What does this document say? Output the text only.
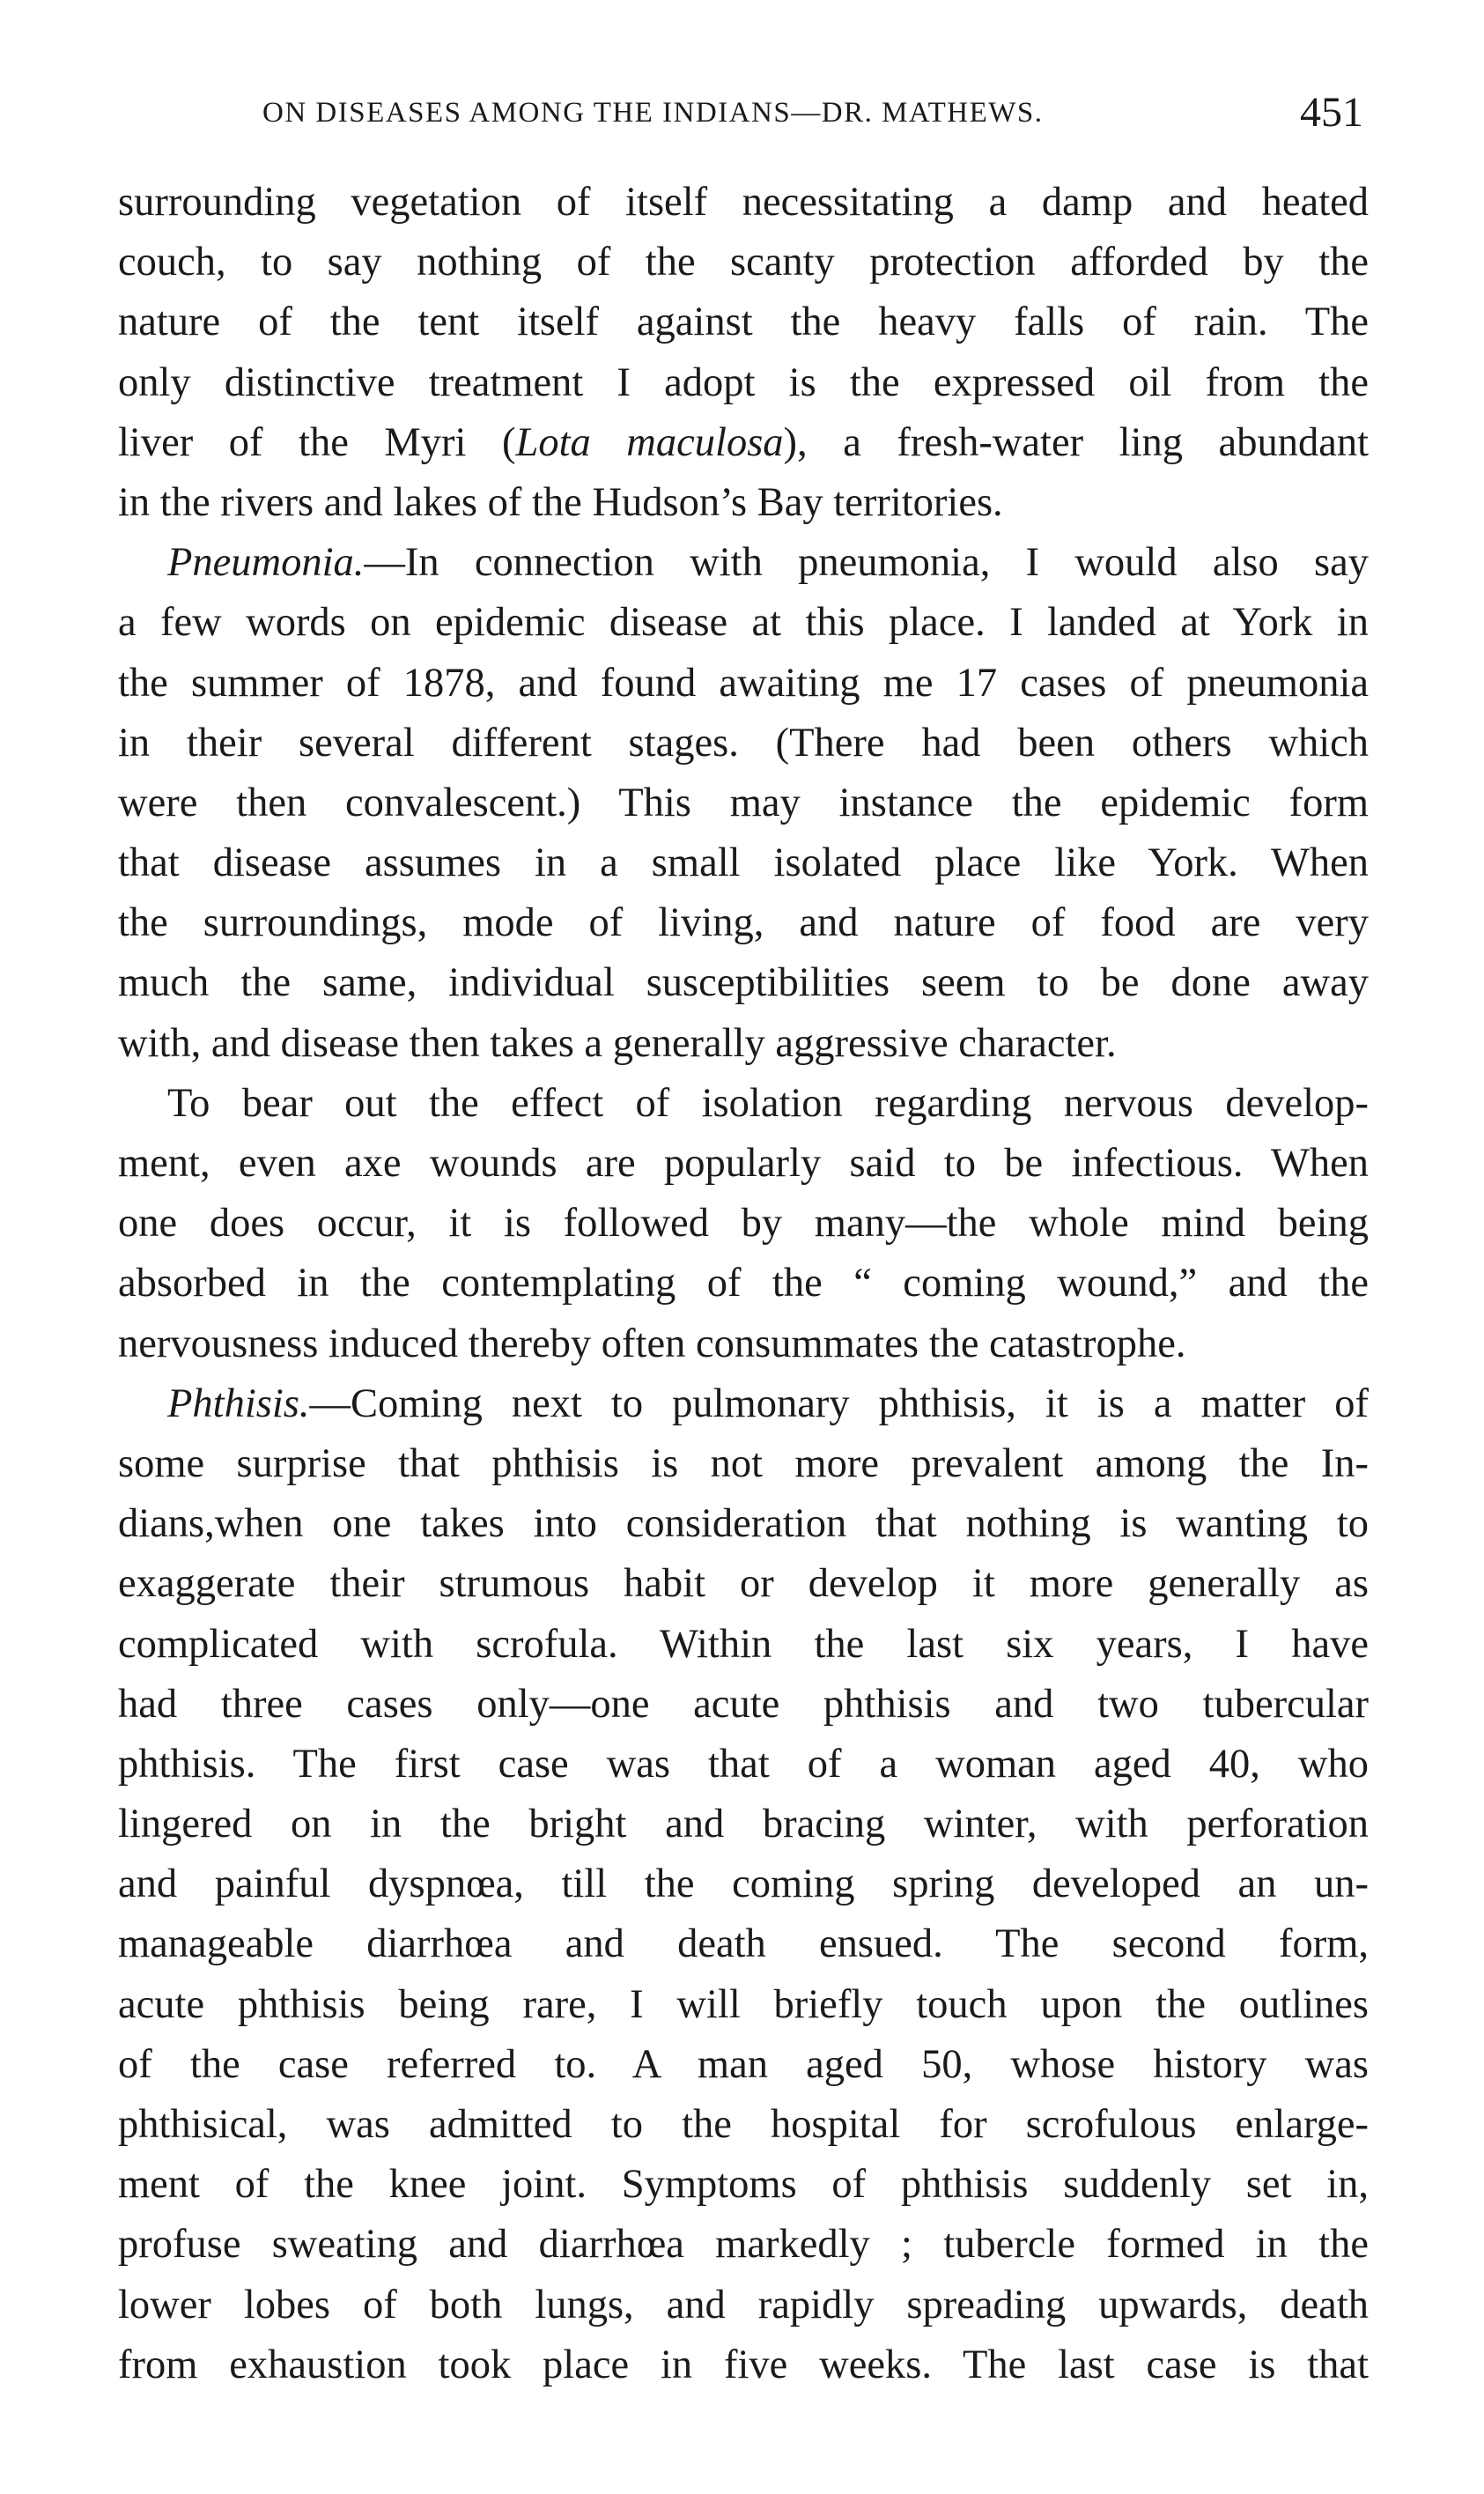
ON DISEASES AMONG THE INDIANS—DR. MATHEWS.	451
surrounding vegetation of itself necessitating a damp and heated
couch, to say nothing of the scanty protection afforded by the
nature of the tent itself against the heavy falls of rain. The
only distinctive treatment I adopt is the expressed oil from the
liver of the Myri (Lota maculosa), a fresh-water ling abundant
in the rivers and lakes of the Hudson’s Bay territories.
Pneumonia.—In connection with pneumonia, I would also say
a few words on epidemic disease at this place. I landed at York in
the summer of 1878, and found awaiting me 17 cases of pneumonia
in their several different stages. (There had been others which
were then convalescent.) This may instance the epidemic form
that disease assumes in a small isolated place like York. When
the surroundings, mode of living, and nature of food are very
much the same, individual susceptibilities seem to be done away
with, and disease then takes a generally aggressive character.
To bear out the effect of isolation regarding nervous develop-
ment, even axe wounds are popularly said to be infectious. When
one does occur, it is followed by many—the whole mind being
absorbed in the contemplating of the “ coming wound,” and the
nervousness induced thereby often consummates the catastrophe.
Phthisis.—Coming next to pulmonary phthisis, it is a matter of
some surprise that phthisis is not more prevalent among the In-
dians,when one takes into consideration that nothing is wanting to
exaggerate their strumous habit or develop it more generally as
complicated with scrofula. Within the last six years, I have
had three cases only—one acute phthisis and two tubercular
phthisis. The first case was that of a woman aged 40, who
lingered on in the bright and bracing winter, with perforation
and painful dyspnœa, till the coming spring developed an un-
manageable diarrhœa and death ensued. The second form,
acute phthisis being rare, I will briefly touch upon the outlines
of the case referred to. A man aged 50, whose history was
phthisical, was admitted to the hospital for scrofulous enlarge-
ment of the knee joint. Symptoms of phthisis suddenly set in,
profuse sweating and diarrhœa markedly ; tubercle formed in the
lower lobes of both lungs, and rapidly spreading upwards, death
from exhaustion took place in five weeks. The last case is that
